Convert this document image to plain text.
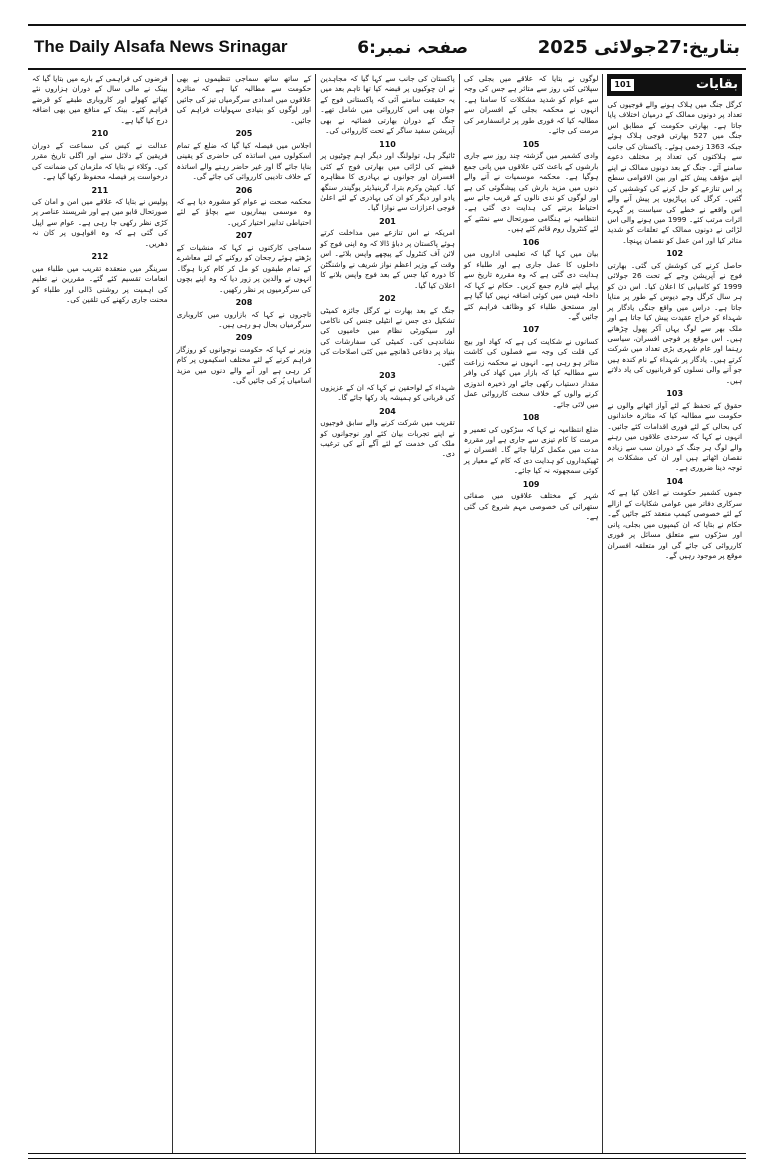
The Daily Alsafa News Srinagar	صفحہ نمبر:6	بتاریخ:27جولائی 2025
بقایات
101

کرگل جنگ میں ہلاک ہونے والے فوجیوں کی تعداد پر دونوں ممالک کے درمیان اختلاف پایا جاتا ہے۔ بھارتی حکومت کے مطابق اس جنگ میں 527 بھارتی فوجی ہلاک ہوئے جبکہ 1363 زخمی ہوئے۔ پاکستان کی جانب سے ہلاکتوں کی تعداد پر مختلف دعوے سامنے آئے۔ جنگ کے بعد دونوں ممالک نے اپنے اپنے مؤقف پیش کئے اور بین الاقوامی سطح پر اس تنازعے کو حل کرنے کی کوششیں کی گئیں۔ کرگل کی پہاڑیوں پر پیش آنے والے اس واقعے نے خطے کی سیاست پر گہرے اثرات مرتب کئے۔ 1999 میں ہونے والی اس لڑائی نے دونوں ممالک کے تعلقات کو شدید متاثر کیا اور امن عمل کو نقصان پہنچا۔

102

حاصل کرنے کی کوشش کی گئی۔ بھارتی فوج نے آپریشن وجے کے تحت 26 جولائی 1999 کو کامیابی کا اعلان کیا۔ اس دن کو ہر سال کرگل وجے دیوس کے طور پر منایا جاتا ہے۔ دراس میں واقع جنگی یادگار پر شہداء کو خراج عقیدت پیش کیا جاتا ہے اور ملک بھر سے لوگ یہاں آکر پھول چڑھاتے ہیں۔ اس موقع پر فوجی افسران، سیاسی رہنما اور عام شہری بڑی تعداد میں شرکت کرتے ہیں۔ یادگار پر شہداء کے نام کندہ ہیں جو آنے والی نسلوں کو قربانیوں کی یاد دلاتے ہیں۔

103

حقوق کے تحفظ کے لئے آواز اٹھانے والوں نے حکومت سے مطالبہ کیا کہ متاثرہ خاندانوں کی بحالی کے لئے فوری اقدامات کئے جائیں۔ انہوں نے کہا کہ سرحدی علاقوں میں رہنے والے لوگ ہر جنگ کے دوران سب سے زیادہ نقصان اٹھاتے ہیں اور ان کی مشکلات پر توجہ دینا ضروری ہے۔

104

جموں کشمیر حکومت نے اعلان کیا ہے کہ سرکاری دفاتر میں عوامی شکایات کے ازالے کے لئے خصوصی کیمپ منعقد کئے جائیں گے۔ حکام نے بتایا کہ ان کیمپوں میں بجلی، پانی اور سڑکوں سے متعلق مسائل پر فوری کارروائی کی جائے گی اور متعلقہ افسران موقع پر موجود رہیں گے۔

لوگوں نے بتایا کہ علاقے میں بجلی کی سپلائی کئی روز سے متاثر ہے جس کی وجہ سے عوام کو شدید مشکلات کا سامنا ہے۔ انہوں نے محکمہ بجلی کے افسران سے مطالبہ کیا کہ فوری طور پر ٹرانسفارمر کی مرمت کی جائے۔

105

وادی کشمیر میں گزشتہ چند روز سے جاری بارشوں کے باعث کئی علاقوں میں پانی جمع ہوگیا ہے۔ محکمہ موسمیات نے آنے والے دنوں میں مزید بارش کی پیشگوئی کی ہے اور لوگوں کو ندی نالوں کے قریب جانے سے احتیاط برتنے کی ہدایت دی گئی ہے۔ انتظامیہ نے ہنگامی صورتحال سے نمٹنے کے لئے کنٹرول روم قائم کئے ہیں۔

106

بیان میں کہا گیا کہ تعلیمی اداروں میں داخلوں کا عمل جاری ہے اور طلباء کو ہدایت دی گئی ہے کہ وہ مقررہ تاریخ سے پہلے اپنے فارم جمع کریں۔ حکام نے کہا کہ داخلہ فیس میں کوئی اضافہ نہیں کیا گیا ہے اور مستحق طلباء کو وظائف فراہم کئے جائیں گے۔

107

کسانوں نے شکایت کی ہے کہ کھاد اور بیج کی قلت کی وجہ سے فصلوں کی کاشت متاثر ہو رہی ہے۔ انہوں نے محکمہ زراعت سے مطالبہ کیا کہ بازار میں کھاد کی وافر مقدار دستیاب رکھی جائے اور ذخیرہ اندوزی کرنے والوں کے خلاف سخت کارروائی عمل میں لائی جائے۔

108

ضلع انتظامیہ نے کہا کہ سڑکوں کی تعمیر و مرمت کا کام تیزی سے جاری ہے اور مقررہ مدت میں مکمل کرلیا جائے گا۔ افسران نے ٹھیکیداروں کو ہدایت دی کہ کام کے معیار پر کوئی سمجھوتہ نہ کیا جائے۔

109

شہر کے مختلف علاقوں میں صفائی ستھرائی کی خصوصی مہم شروع کی گئی ہے۔

پاکستان کی جانب سے کہا گیا کہ مجاہدین نے ان چوکیوں پر قبضہ کیا تھا تاہم بعد میں یہ حقیقت سامنے آئی کہ پاکستانی فوج کے جوان بھی اس کارروائی میں شامل تھے۔ جنگ کے دوران بھارتی فضائیہ نے بھی آپریشن سفید ساگر کے تحت کارروائی کی۔

110

ٹائیگر ہل، تولولنگ اور دیگر اہم چوٹیوں پر قبضے کی لڑائی میں بھارتی فوج کے کئی افسران اور جوانوں نے بہادری کا مظاہرہ کیا۔ کیپٹن وکرم بترا، گرینیڈیئر یوگیندر سنگھ یادو اور دیگر کو ان کی بہادری کے لئے اعلیٰ فوجی اعزازات سے نوازا گیا۔

201

امریکہ نے اس تنازعے میں مداخلت کرتے ہوئے پاکستان پر دباؤ ڈالا کہ وہ اپنی فوج کو لائن آف کنٹرول کے پیچھے واپس بلائے۔ اس وقت کے وزیر اعظم نواز شریف نے واشنگٹن کا دورہ کیا جس کے بعد فوج واپس بلانے کا اعلان کیا گیا۔

202

جنگ کے بعد بھارت نے کرگل جائزہ کمیٹی تشکیل دی جس نے انٹیلی جنس کی ناکامی اور سیکورٹی نظام میں خامیوں کی نشاندہی کی۔ کمیٹی کی سفارشات کی بنیاد پر دفاعی ڈھانچے میں کئی اصلاحات کی گئیں۔

203

شہداء کے لواحقین نے کہا کہ ان کے عزیزوں کی قربانی کو ہمیشہ یاد رکھا جائے گا۔

204

تقریب میں شرکت کرنے والے سابق فوجیوں نے اپنے تجربات بیان کئے اور نوجوانوں کو ملک کی خدمت کے لئے آگے آنے کی ترغیب دی۔

کے ساتھ ساتھ سماجی تنظیموں نے بھی حکومت سے مطالبہ کیا ہے کہ متاثرہ علاقوں میں امدادی سرگرمیاں تیز کی جائیں اور لوگوں کو بنیادی سہولیات فراہم کی جائیں۔

205

اجلاس میں فیصلہ کیا گیا کہ ضلع کے تمام اسکولوں میں اساتذہ کی حاضری کو یقینی بنایا جائے گا اور غیر حاضر رہنے والے اساتذہ کے خلاف تادیبی کارروائی کی جائے گی۔

206

محکمہ صحت نے عوام کو مشورہ دیا ہے کہ وہ موسمی بیماریوں سے بچاؤ کے لئے احتیاطی تدابیر اختیار کریں۔

207

سماجی کارکنوں نے کہا کہ منشیات کے بڑھتے ہوئے رجحان کو روکنے کے لئے معاشرے کے تمام طبقوں کو مل کر کام کرنا ہوگا۔ انہوں نے والدین پر زور دیا کہ وہ اپنے بچوں کی سرگرمیوں پر نظر رکھیں۔

208

تاجروں نے کہا کہ بازاروں میں کاروباری سرگرمیاں بحال ہو رہی ہیں۔

209

وزیر نے کہا کہ حکومت نوجوانوں کو روزگار فراہم کرنے کے لئے مختلف اسکیموں پر کام کر رہی ہے اور آنے والے دنوں میں مزید اسامیاں پُر کی جائیں گی۔

قرضوں کی فراہمی کے بارے میں بتایا گیا کہ بینک نے مالی سال کے دوران ہزاروں نئے کھاتے کھولے اور کاروباری طبقے کو قرضے فراہم کئے۔ بینک کے منافع میں بھی اضافہ درج کیا گیا ہے۔

210

عدالت نے کیس کی سماعت کے دوران فریقین کے دلائل سنے اور اگلی تاریخ مقرر کی۔ وکلاء نے بتایا کہ ملزمان کی ضمانت کی درخواست پر فیصلہ محفوظ رکھا گیا ہے۔

211

پولیس نے بتایا کہ علاقے میں امن و امان کی صورتحال قابو میں ہے اور شرپسند عناصر پر کڑی نظر رکھی جا رہی ہے۔ عوام سے اپیل کی گئی ہے کہ وہ افواہوں پر کان نہ دھریں۔

212

سرینگر میں منعقدہ تقریب میں طلباء میں انعامات تقسیم کئے گئے۔ مقررین نے تعلیم کی اہمیت پر روشنی ڈالی اور طلباء کو محنت جاری رکھنے کی تلقین کی۔
